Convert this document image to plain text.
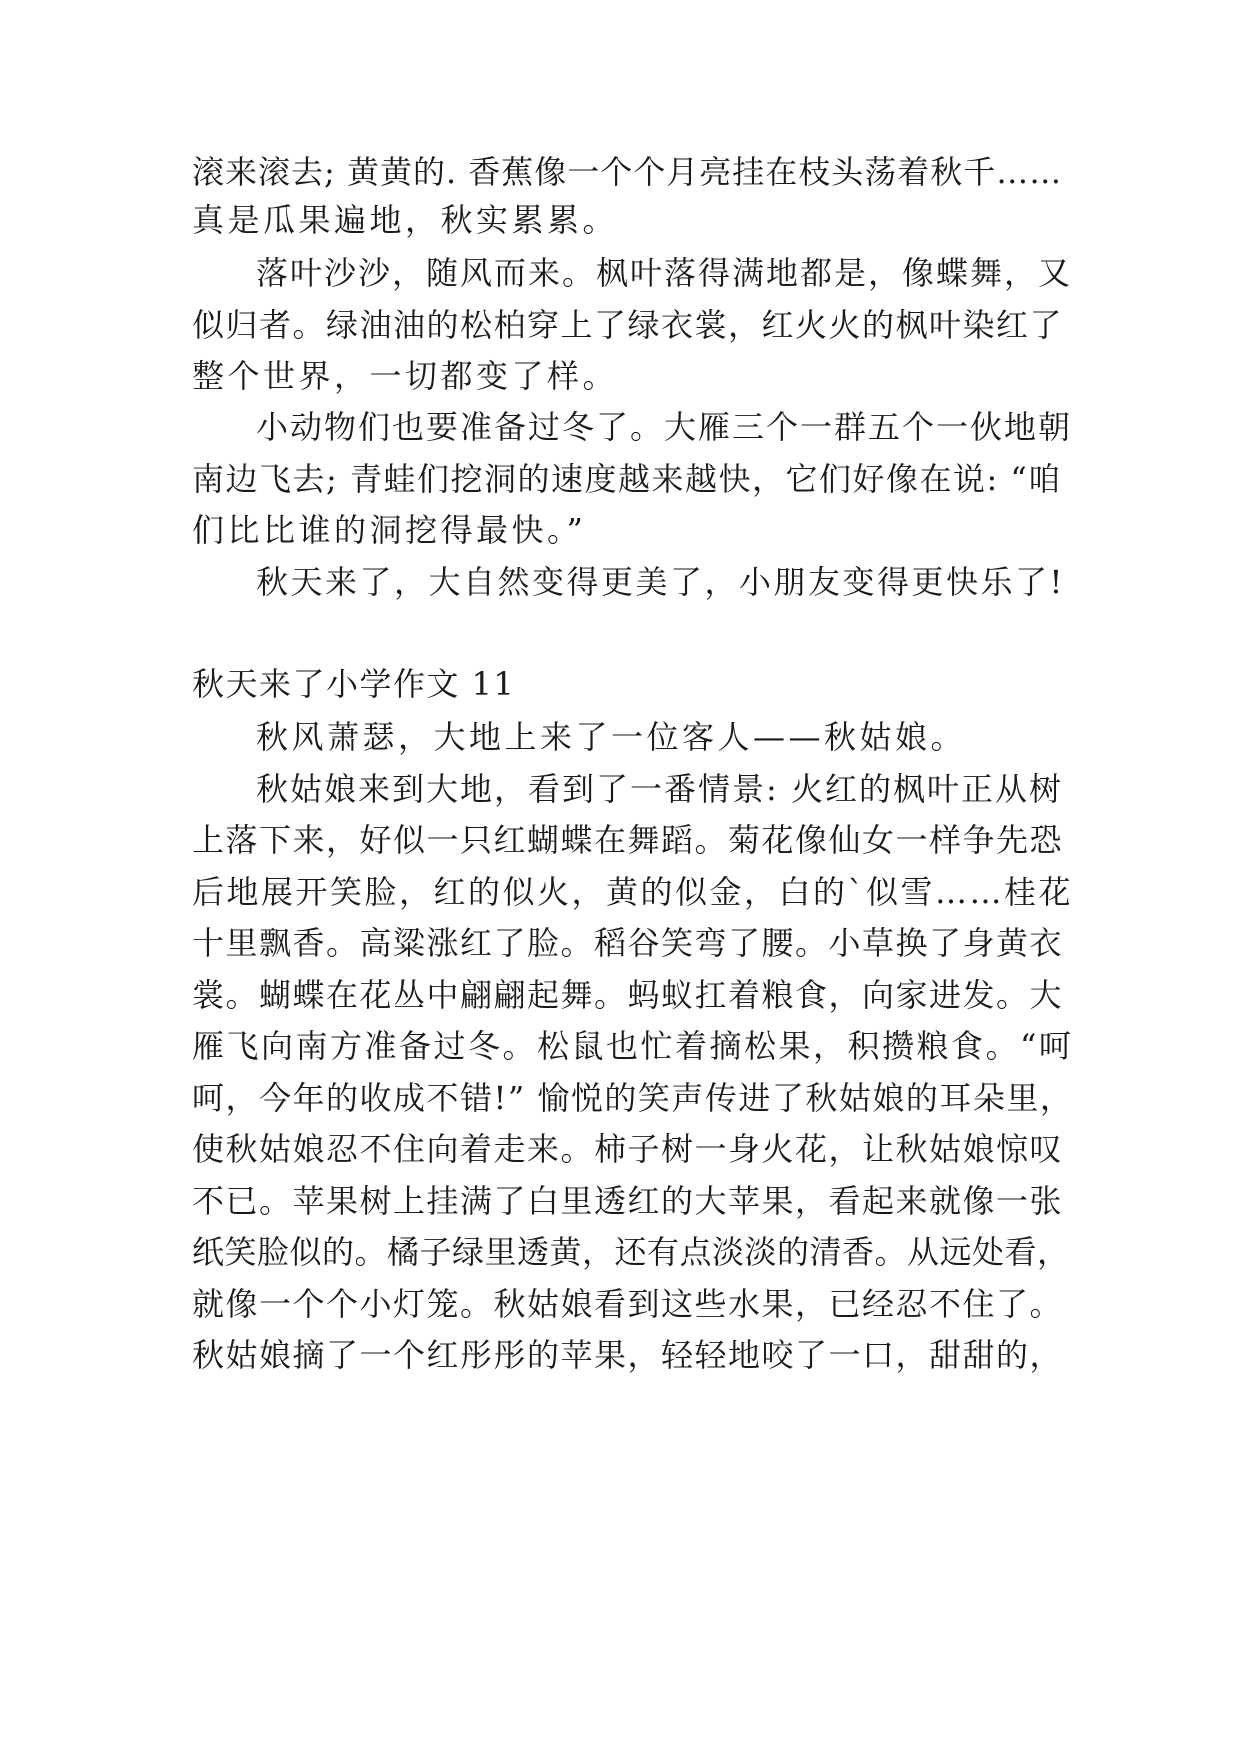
滚来滚去; 黄黄的. 香蕉像一个个月亮挂在枝头荡着秋千……
真是瓜果遍地，秋实累累。
落叶沙沙，随风而来。枫叶落得满地都是，像蝶舞，又
似归者。绿油油的松柏穿上了绿衣裳，红火火的枫叶染红了
整个世界，一切都变了样。
小动物们也要准备过冬了。大雁三个一群五个一伙地朝
南边飞去; 青蛙们挖洞的速度越来越快，它们好像在说: “咱
们比比谁的洞挖得最快。”
秋天来了，大自然变得更美了，小朋友变得更快乐了!
秋天来了小学作文 11
秋风萧瑟，大地上来了一位客人——秋姑娘。
秋姑娘来到大地，看到了一番情景: 火红的枫叶正从树
上落下来，好似一只红蝴蝶在舞蹈。菊花像仙女一样争先恐
后地展开笑脸，红的似火，黄的似金，白的`似雪……桂花
十里飘香。高粱涨红了脸。稻谷笑弯了腰。小草换了身黄衣
裳。蝴蝶在花丛中翩翩起舞。蚂蚁扛着粮食，向家进发。大
雁飞向南方准备过冬。松鼠也忙着摘松果，积攒粮食。“呵
呵，今年的收成不错!” 愉悦的笑声传进了秋姑娘的耳朵里，
使秋姑娘忍不住向着走来。柿子树一身火花，让秋姑娘惊叹
不已。苹果树上挂满了白里透红的大苹果，看起来就像一张
纸笑脸似的。橘子绿里透黄，还有点淡淡的清香。从远处看，
就像一个个小灯笼。秋姑娘看到这些水果，已经忍不住了。
秋姑娘摘了一个红彤彤的苹果，轻轻地咬了一口，甜甜的，
